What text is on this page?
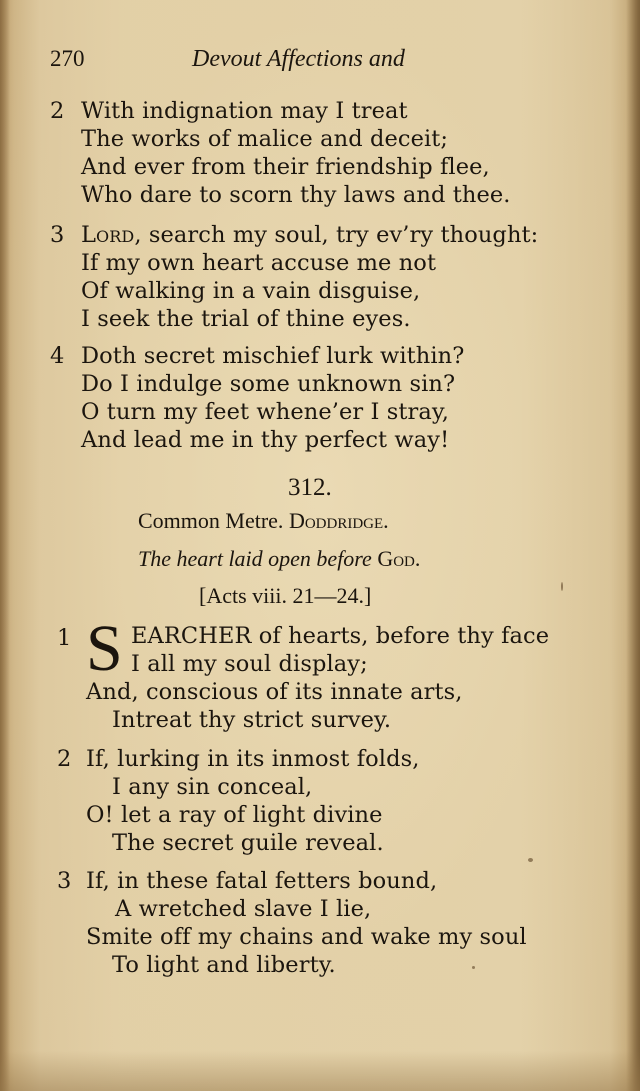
270	Devout Affections and
2 With indignation may I treat
The works of malice and deceit;
And ever from their friendship flee,
Who dare to scorn thy laws and thee.
3 Lord, search my soul, try ev’ry thought:
If my own heart accuse me not
Of walking in a vain disguise,
I seek the trial of thine eyes.
4 Doth secret mischief lurk within?
Do I indulge some unknown sin?
O turn my feet whene’er I stray,
And lead me in thy perfect way!
312.
Common Metre. Doddridge.
The heart laid open before God.
[Acts viii. 21—24.]
1 S EARCHER of hearts, before thy face
I all my soul display;
And, conscious of its innate arts,
Intreat thy strict survey.
2 If, lurking in its inmost folds,
I any sin conceal,
O! let a ray of light divine
The secret guile reveal.
3 If, in these fatal fetters bound,
A wretched slave I lie,
Smite off my chains and wake my soul
To light and liberty.
